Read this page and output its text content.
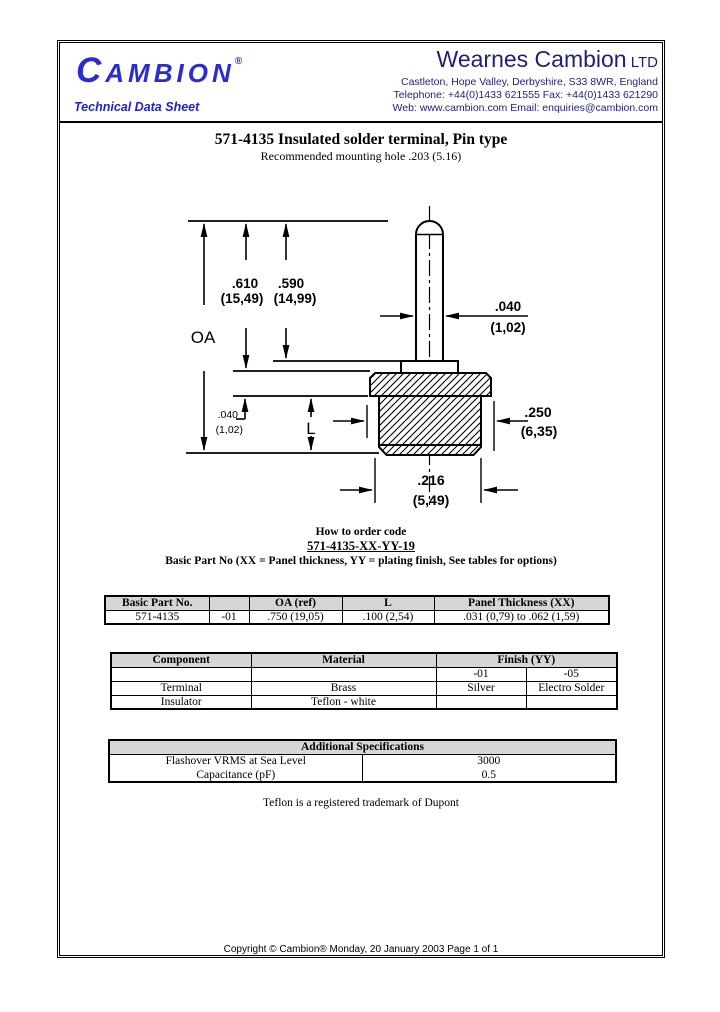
CAMBION®
Technical Data Sheet
Wearnes Cambion LTD
Castleton, Hope Valley, Derbyshire, S33 8WR, England
Telephone: +44(0)1433 621555 Fax: +44(0)1433 621290
Web: www.cambion.com Email: enquiries@cambion.com
571-4135 Insulated solder terminal, Pin type
Recommended mounting hole .203 (5.16)
.610
(15,49)
.590
(14,99)
OA
.040
(1,02)
.040
(1,02)	L
.250
(6,35)
.216
(5,49)
How to order code
571-4135-XX-YY-19
Basic Part No (XX = Panel thickness, YY = plating finish, See tables for options)
Basic Part No.		OA (ref)	L	Panel Thickness (XX)
571-4135	-01	.750 (19,05)	.100 (2,54)	.031 (0,79) to .062 (1,59)
Component	Material	Finish (YY)	
		-01	-05
Terminal	Brass	Silver	Electro Solder
Insulator	Teflon - white		
Additional Specifications	
Flashover VRMS at Sea Level	3000
Capacitance (pF)	0.5
Teflon is a registered trademark of Dupont
Copyright © Cambion® Monday, 20 January 2003 Page 1 of 1
